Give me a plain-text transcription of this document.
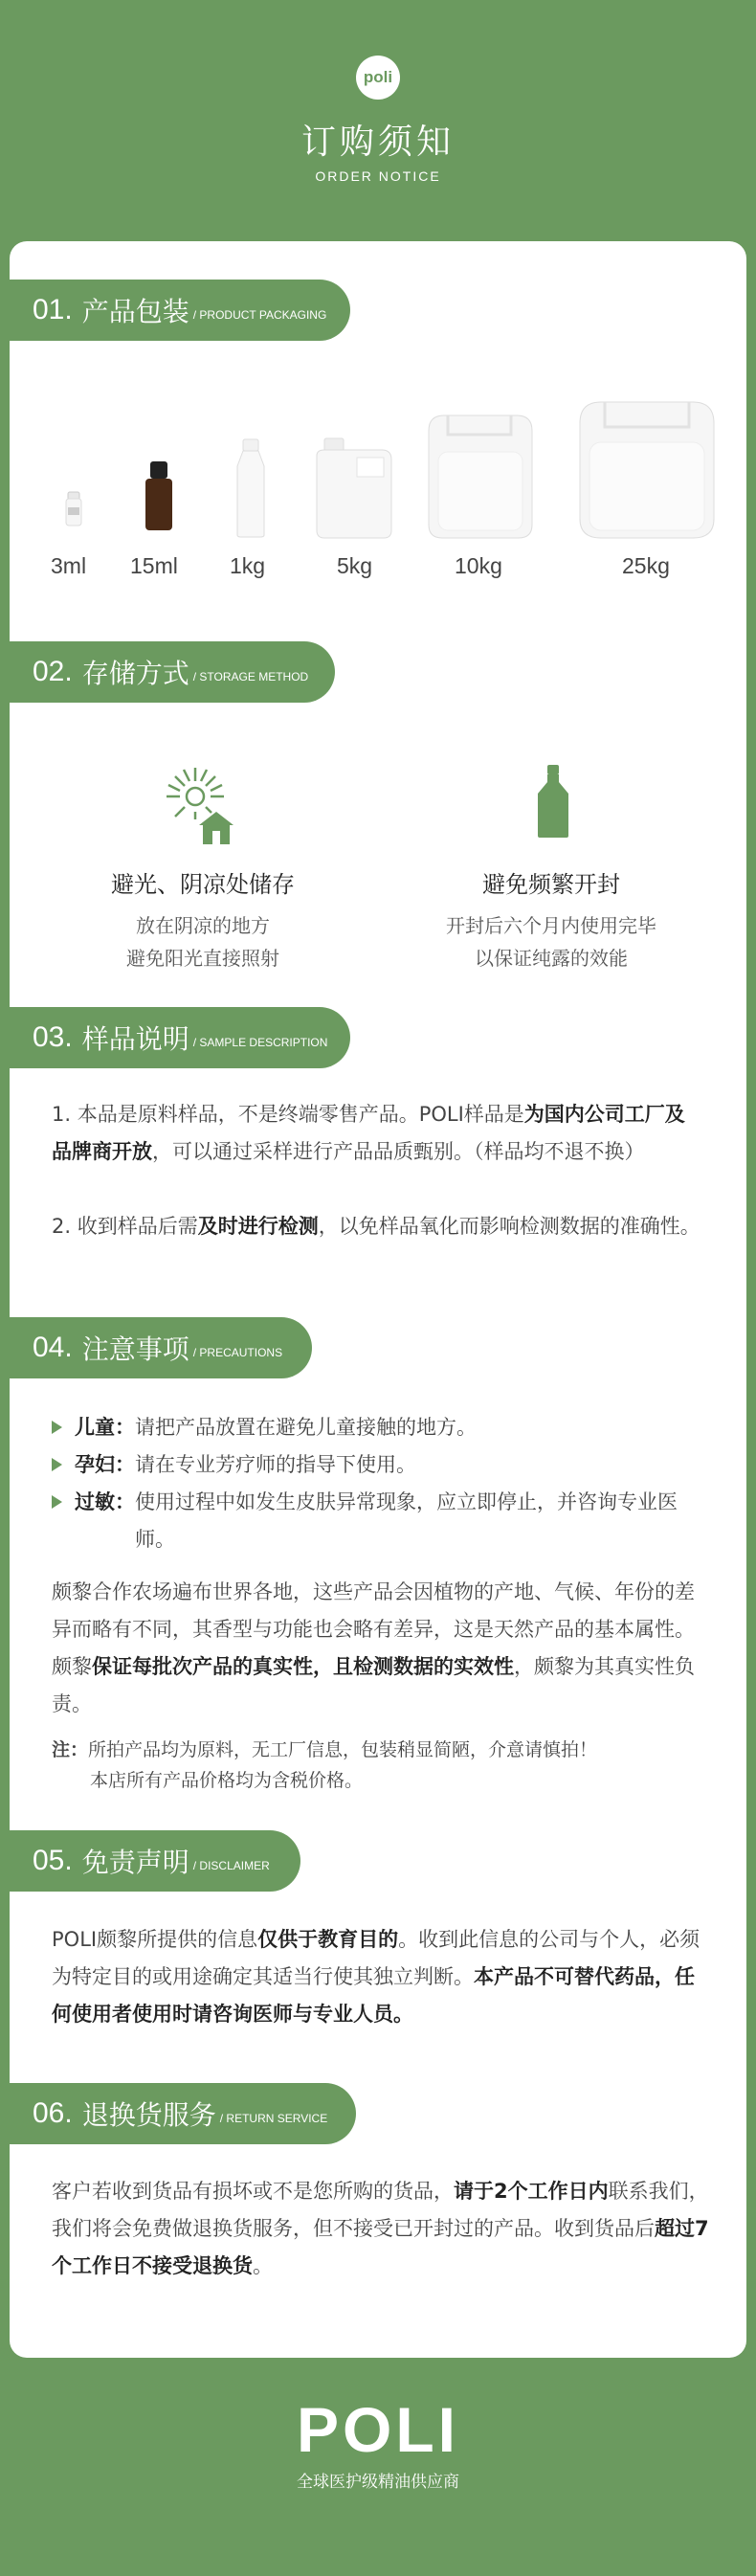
poli
订购须知
ORDER NOTICE
01. 产品包装 / PRODUCT PACKAGING
3ml 15ml 1kg	5kg	10kg	25kg
02. 存储方式 / STORAGE METHOD
避光、阴凉处储存
放在阴凉的地方
避免阳光直接照射
避免频繁开封
开封后六个月内使用完毕
以保证纯露的效能
03. 样品说明 / SAMPLE DESCRIPTION
1. 本品是原料样品，不是终端零售产品。POLI样品是为国内公司工厂及品牌商开放，可以通过采样进行产品品质甄别。（样品均不退不换）
2. 收到样品后需及时进行检测，以免样品氧化而影响检测数据的准确性。
04. 注意事项 / PRECAUTIONS
儿童：请把产品放置在避免儿童接触的地方。
孕妇：请在专业芳疗师的指导下使用。
过敏：使用过程中如发生皮肤异常现象，应立即停止，并咨询专业医师。
颇黎合作农场遍布世界各地，这些产品会因植物的产地、气候、年份的差异而略有不同，其香型与功能也会略有差异，这是天然产品的基本属性。颇黎保证每批次产品的真实性，且检测数据的实效性，颇黎为其真实性负责。
注：所拍产品均为原料，无工厂信息，包装稍显简陋，介意请慎拍！
本店所有产品价格均为含税价格。
05. 免责声明 / DISCLAIMER
POLI颇黎所提供的信息仅供于教育目的。收到此信息的公司与个人，必须为特定目的或用途确定其适当行使其独立判断。本产品不可替代药品，任何使用者使用时请咨询医师与专业人员。
06. 退换货服务 / RETURN SERVICE
客户若收到货品有损坏或不是您所购的货品，请于2个工作日内联系我们，我们将会免费做退换货服务，但不接受已开封过的产品。收到货品后超过7个工作日不接受退换货。
POLI
全球医护级精油供应商
